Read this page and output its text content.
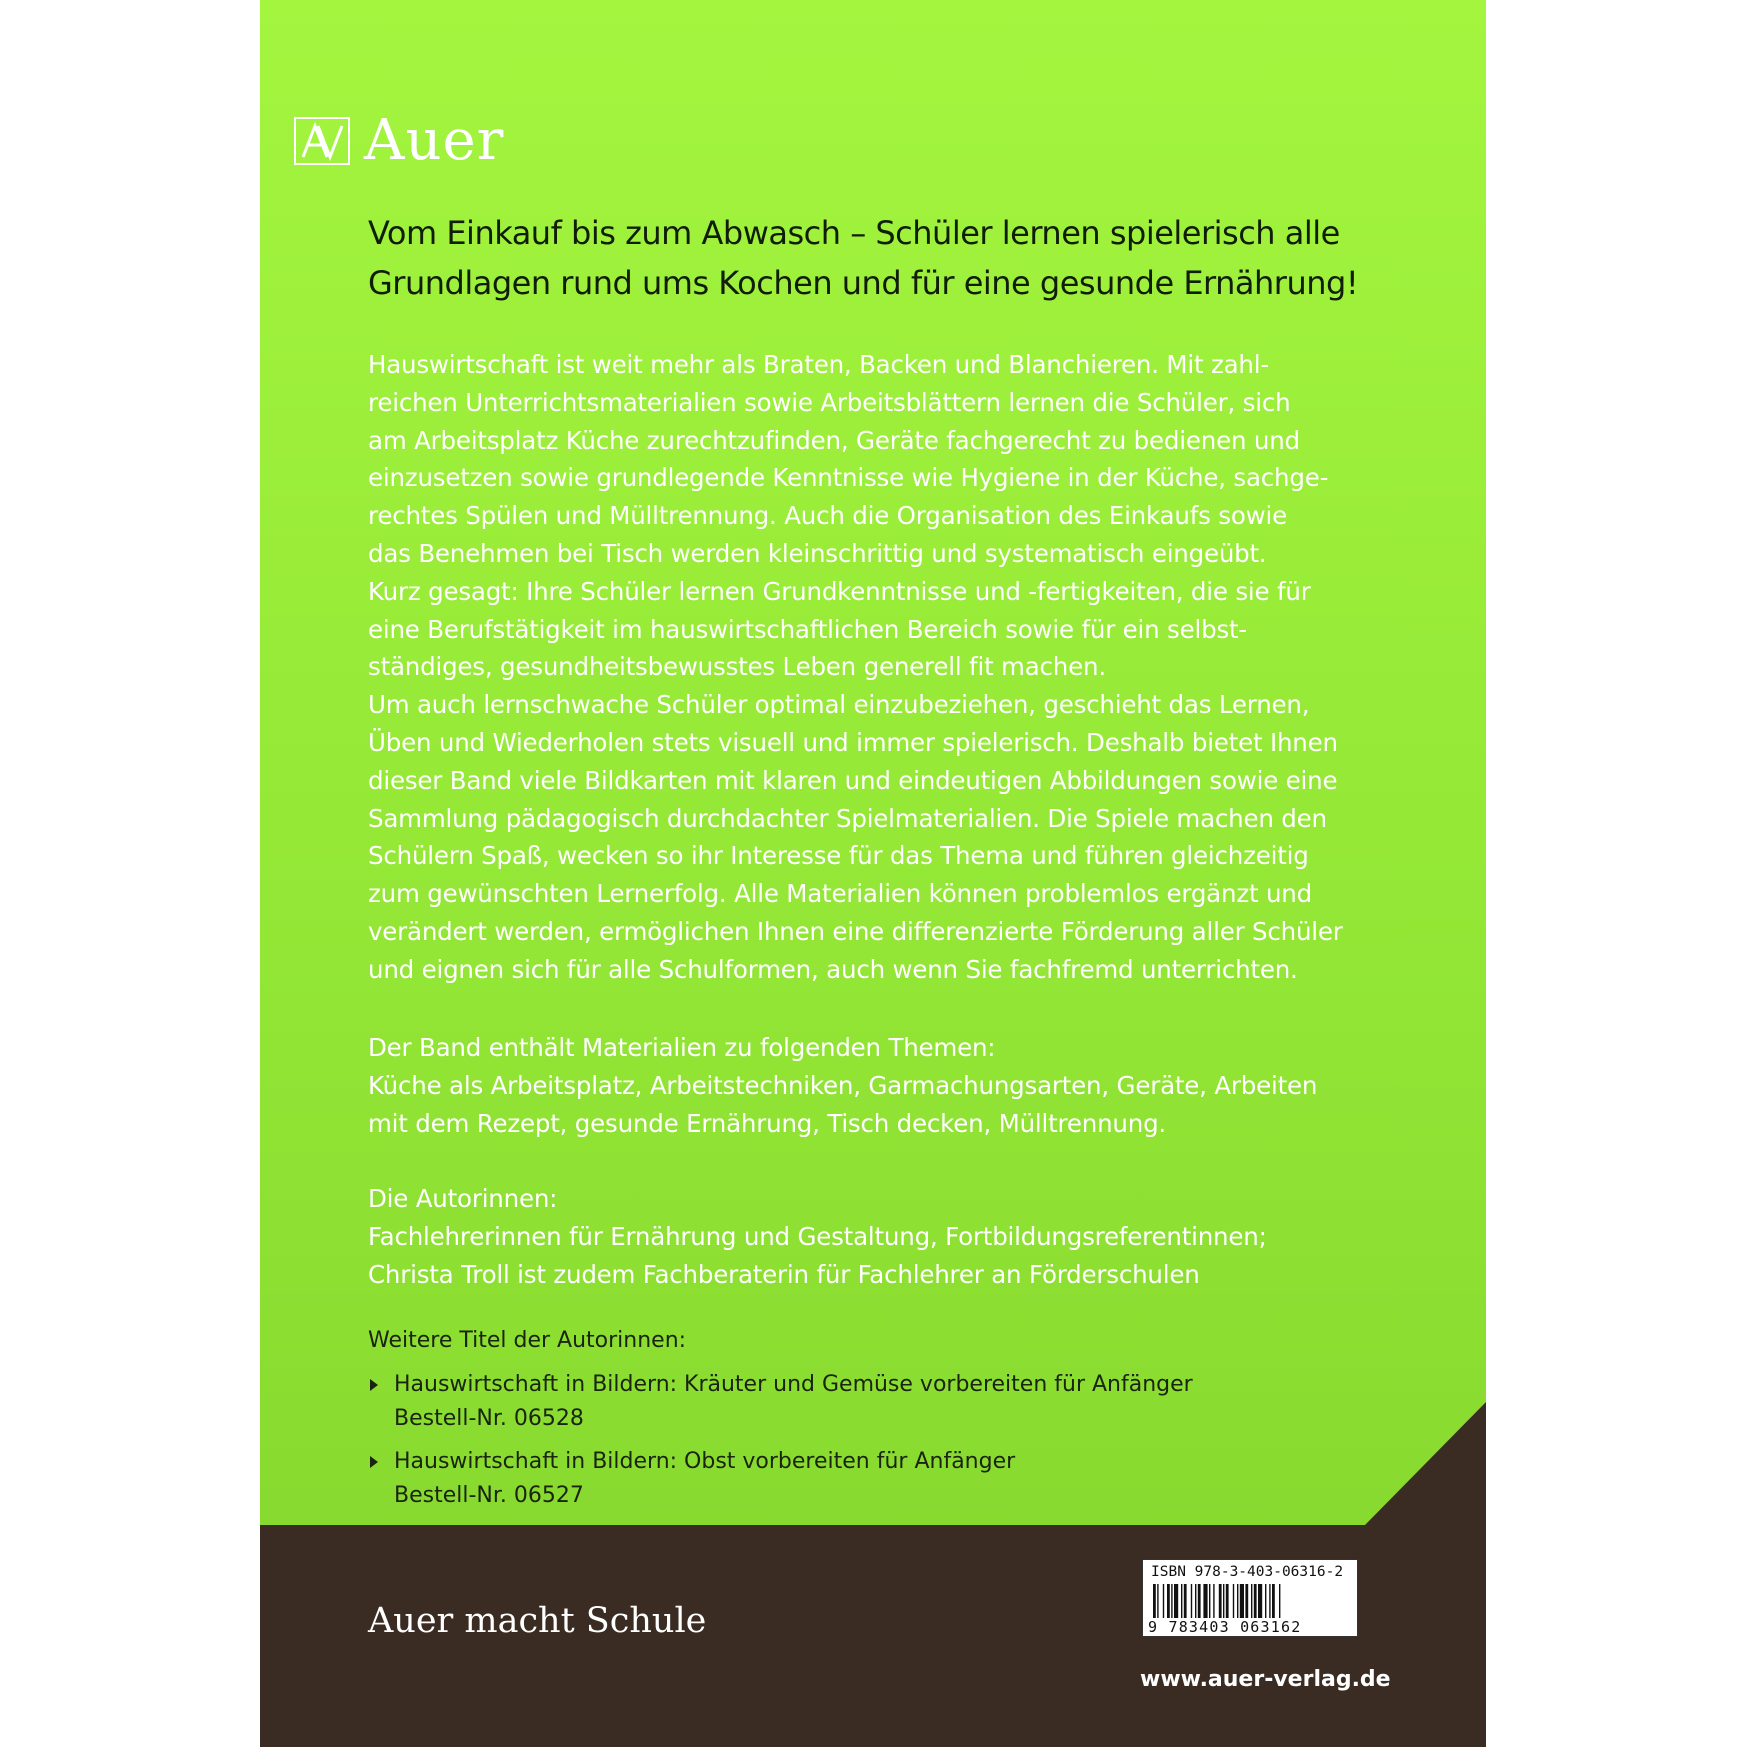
Auer

Vom Einkauf bis zum Abwasch – Schüler lernen spielerisch alle

Grundlagen rund ums Kochen und für eine gesunde Ernährung!

Hauswirtschaft ist weit mehr als Braten, Backen und Blanchieren. Mit zahl-

reichen Unterrichtsmaterialien sowie Arbeitsblättern lernen die Schüler, sich

am Arbeitsplatz Küche zurechtzufinden, Geräte fachgerecht zu bedienen und

einzusetzen sowie grundlegende Kenntnisse wie Hygiene in der Küche, sachge-

rechtes Spülen und Mülltrennung. Auch die Organisation des Einkaufs sowie

das Benehmen bei Tisch werden kleinschrittig und systematisch eingeübt.

Kurz gesagt: Ihre Schüler lernen Grundkenntnisse und -fertigkeiten, die sie für

eine Berufstätigkeit im hauswirtschaftlichen Bereich sowie für ein selbst-

ständiges, gesundheitsbewusstes Leben generell fit machen.

Um auch lernschwache Schüler optimal einzubeziehen, geschieht das Lernen,

Üben und Wiederholen stets visuell und immer spielerisch. Deshalb bietet Ihnen

dieser Band viele Bildkarten mit klaren und eindeutigen Abbildungen sowie eine

Sammlung pädagogisch durchdachter Spielmaterialien. Die Spiele machen den

Schülern Spaß, wecken so ihr Interesse für das Thema und führen gleichzeitig

zum gewünschten Lernerfolg. Alle Materialien können problemlos ergänzt und

verändert werden, ermöglichen Ihnen eine differenzierte Förderung aller Schüler

und eignen sich für alle Schulformen, auch wenn Sie fachfremd unterrichten.

Der Band enthält Materialien zu folgenden Themen:

Küche als Arbeitsplatz, Arbeitstechniken, Garmachungsarten, Geräte, Arbeiten

mit dem Rezept, gesunde Ernährung, Tisch decken, Mülltrennung.

Die Autorinnen:

Fachlehrerinnen für Ernährung und Gestaltung, Fortbildungsreferentinnen;

Christa Troll ist zudem Fachberaterin für Fachlehrer an Förderschulen

Weitere Titel der Autorinnen:

Hauswirtschaft in Bildern: Kräuter und Gemüse vorbereiten für Anfänger

Bestell-Nr. 06528

Hauswirtschaft in Bildern: Obst vorbereiten für Anfänger

Bestell-Nr. 06527

Auer macht Schule
ISBN 978-3-403-06316-2
9 783403 063162
www.auer-verlag.de
